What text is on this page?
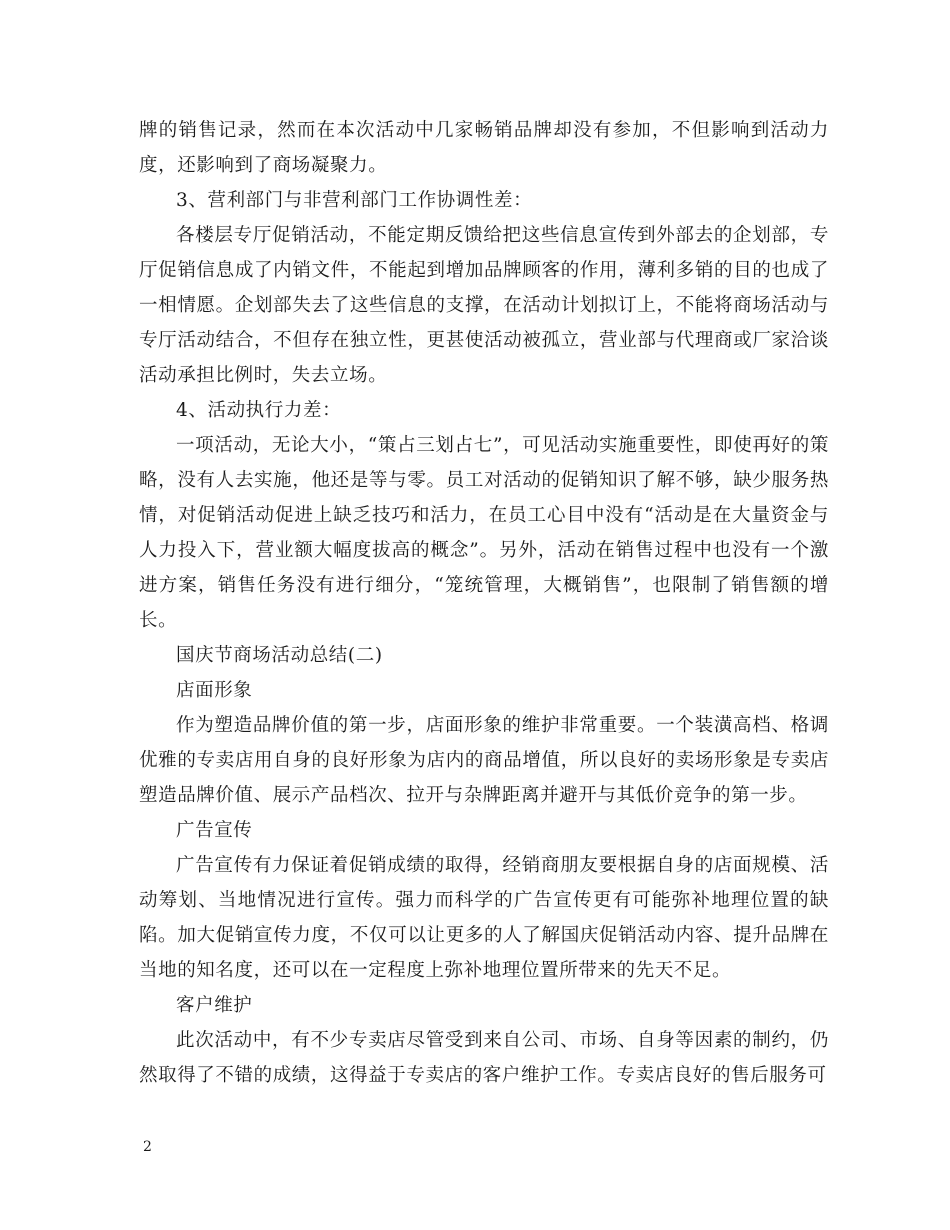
牌的销售记录，然而在本次活动中几家畅销品牌却没有参加，不但影响到活动力度，还影响到了商场凝聚力。

3、营利部门与非营利部门工作协调性差：

各楼层专厅促销活动，不能定期反馈给把这些信息宣传到外部去的企划部，专厅促销信息成了内销文件，不能起到增加品牌顾客的作用，薄利多销的目的也成了一相情愿。企划部失去了这些信息的支撑，在活动计划拟订上，不能将商场活动与专厅活动结合，不但存在独立性，更甚使活动被孤立，营业部与代理商或厂家洽谈活动承担比例时，失去立场。

4、活动执行力差：

一项活动，无论大小，“策占三划占七”，可见活动实施重要性，即使再好的策略，没有人去实施，他还是等与零。员工对活动的促销知识了解不够，缺少服务热情，对促销活动促进上缺乏技巧和活力，在员工心目中没有“活动是在大量资金与人力投入下，营业额大幅度拔高的概念”。另外，活动在销售过程中也没有一个激进方案，销售任务没有进行细分，“笼统管理，大概销售”，也限制了销售额的增长。

国庆节商场活动总结(二)

店面形象

作为塑造品牌价值的第一步，店面形象的维护非常重要。一个装潢高档、格调优雅的专卖店用自身的良好形象为店内的商品增值，所以良好的卖场形象是专卖店塑造品牌价值、展示产品档次、拉开与杂牌距离并避开与其低价竞争的第一步。

广告宣传

广告宣传有力保证着促销成绩的取得，经销商朋友要根据自身的店面规模、活动筹划、当地情况进行宣传。强力而科学的广告宣传更有可能弥补地理位置的缺陷。加大促销宣传力度，不仅可以让更多的人了解国庆促销活动内容、提升品牌在当地的知名度，还可以在一定程度上弥补地理位置所带来的先天不足。

客户维护

此次活动中，有不少专卖店尽管受到来自公司、市场、自身等因素的制约，仍然取得了不错的成绩，这得益于专卖店的客户维护工作。专卖店良好的售后服务可

2
